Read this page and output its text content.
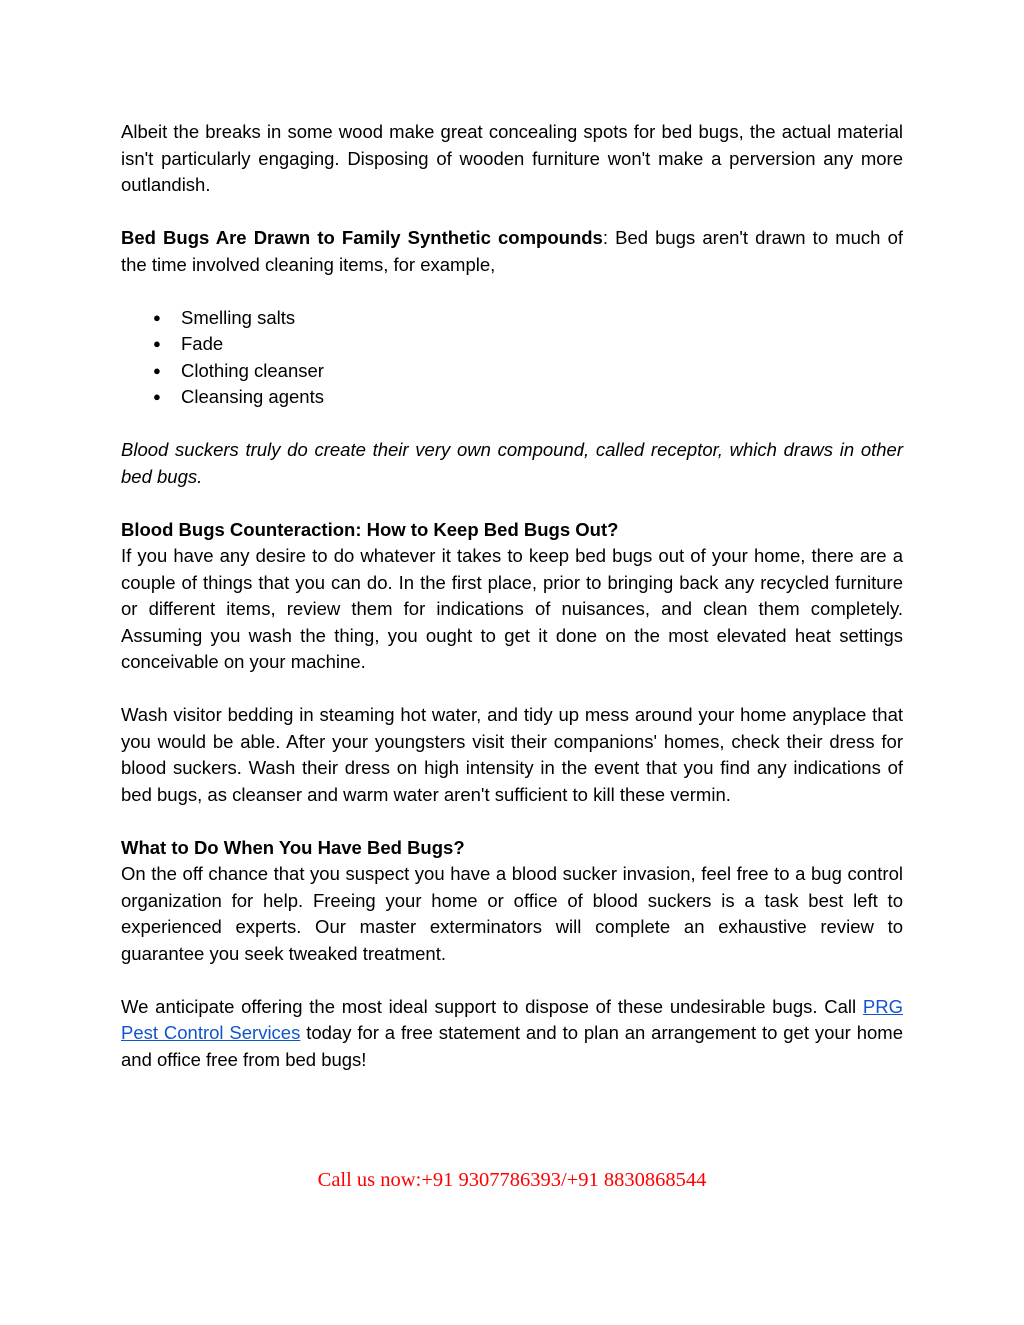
Albeit the breaks in some wood make great concealing spots for bed bugs, the actual material isn't particularly engaging. Disposing of wooden furniture won't make a perversion any more outlandish.

Bed Bugs Are Drawn to Family Synthetic compounds: Bed bugs aren't drawn to much of the time involved cleaning items, for example,

● Smelling salts
● Fade
● Clothing cleanser
● Cleansing agents

Blood suckers truly do create their very own compound, called receptor, which draws in other bed bugs.

Blood Bugs Counteraction: How to Keep Bed Bugs Out?

If you have any desire to do whatever it takes to keep bed bugs out of your home, there are a couple of things that you can do. In the first place, prior to bringing back any recycled furniture or different items, review them for indications of nuisances, and clean them completely. Assuming you wash the thing, you ought to get it done on the most elevated heat settings conceivable on your machine.

Wash visitor bedding in steaming hot water, and tidy up mess around your home anyplace that you would be able. After your youngsters visit their companions' homes, check their dress for blood suckers. Wash their dress on high intensity in the event that you find any indications of bed bugs, as cleanser and warm water aren't sufficient to kill these vermin.

What to Do When You Have Bed Bugs?

On the off chance that you suspect you have a blood sucker invasion, feel free to a bug control organization for help. Freeing your home or office of blood suckers is a task best left to experienced experts. Our master exterminators will complete an exhaustive review to guarantee you seek tweaked treatment.

We anticipate offering the most ideal support to dispose of these undesirable bugs. Call PRG Pest Control Services today for a free statement and to plan an arrangement to get your home and office free from bed bugs!

Call us now:+91 9307786393/+91 8830868544
